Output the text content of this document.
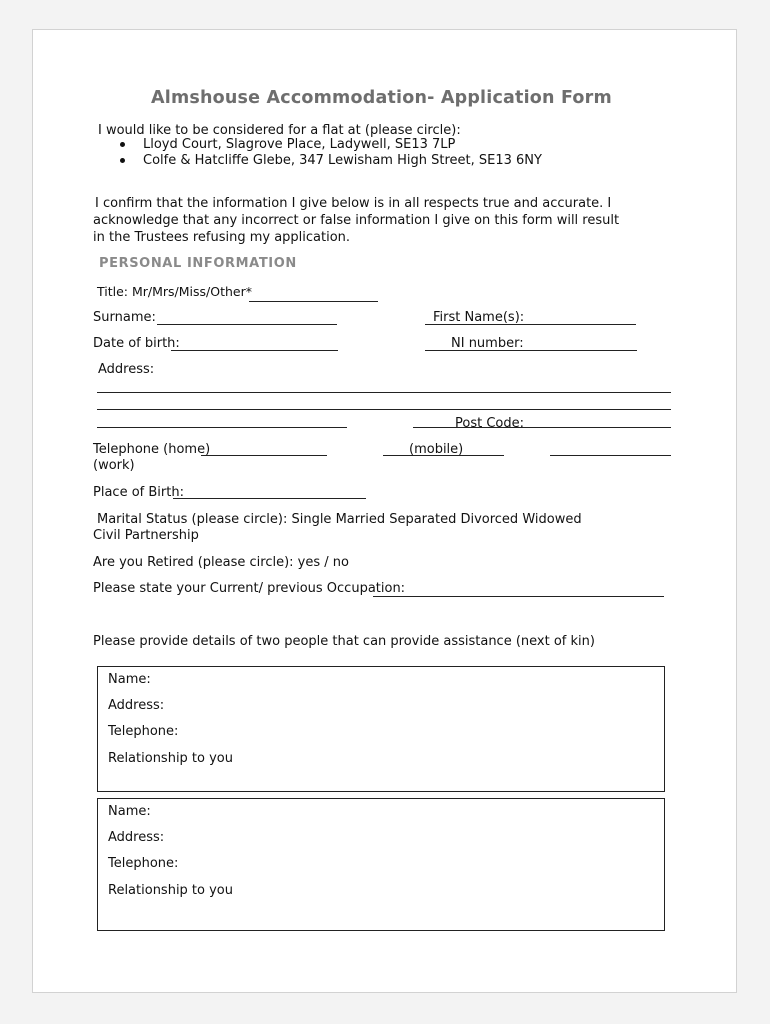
Almshouse Accommodation- Application Form
I would like to be considered for a flat at (please circle):
Lloyd Court, Slagrove Place, Ladywell, SE13 7LP
Colfe & Hatcliffe Glebe, 347 Lewisham High Street, SE13 6NY
I confirm that the information I give below is in all respects true and accurate. I
acknowledge that any incorrect or false information I give on this form will result
in the Trustees refusing my application.
PERSONAL INFORMATION
Title: Mr/Mrs/Miss/Other*
Surname:	First Name(s):
Date of birth:	NI number:
Address:
Post Code:
Telephone (home)	(mobile)
(work)
Place of Birth:
Marital Status (please circle): Single Married Separated Divorced Widowed
Civil Partnership
Are you Retired (please circle): yes / no
Please state your Current/ previous Occupation:
Please provide details of two people that can provide assistance (next of kin)
Name:
Address:
Telephone:
Relationship to you
Name:
Address:
Telephone:
Relationship to you
